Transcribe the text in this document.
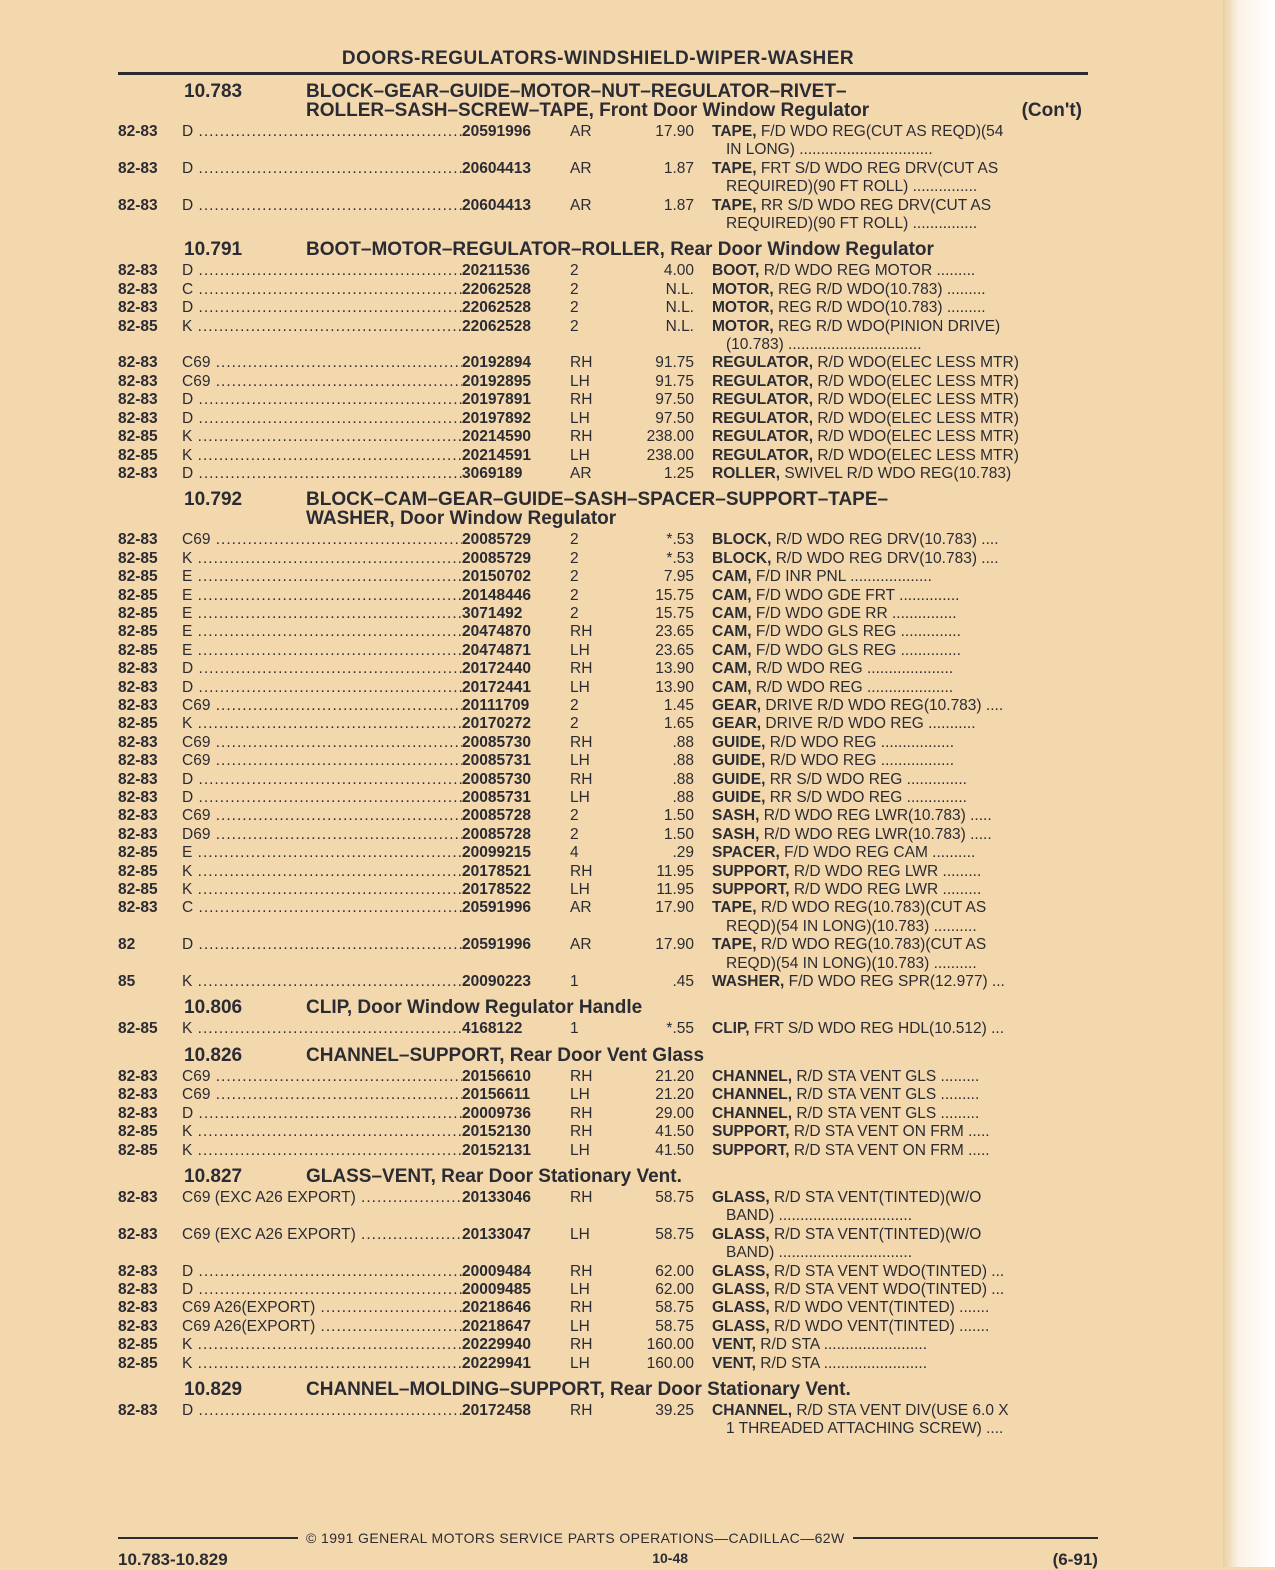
DOORS-REGULATORS-WINDSHIELD-WIPER-WASHER
10.783	BLOCK–GEAR–GUIDE–MOTOR–NUT–REGULATOR–RIVET–
(Con't)
ROLLER–SASH–SCREW–TAPE, Front Door Window Regulator
82-83	D .....	20591996	AR	17.90	TAPE, F/D WDO REG(CUT AS REQD)(54
IN LONG) ...............................
82-83	D .....	20604413	AR	1.87	TAPE, FRT S/D WDO REG DRV(CUT AS
REQUIRED)(90 FT ROLL) ...............
82-83	D .....	20604413	AR	1.87	TAPE, RR S/D WDO REG DRV(CUT AS
REQUIRED)(90 FT ROLL) ...............
10.791	BOOT–MOTOR–REGULATOR–ROLLER, Rear Door Window Regulator
82-83	D .....	20211536	2	4.00	BOOT, R/D WDO REG MOTOR .........
82-83	C .....	22062528	2	N.L.	MOTOR, REG R/D WDO(10.783) .........
82-83	D .....	22062528	2	N.L.	MOTOR, REG R/D WDO(10.783) .........
82-85	K .....	22062528	2	N.L.	MOTOR, REG R/D WDO(PINION DRIVE)
(10.783) ...............................
82-83	C69 .....	20192894	RH	91.75	REGULATOR, R/D WDO(ELEC LESS MTR)
82-83	C69 .....	20192895	LH	91.75	REGULATOR, R/D WDO(ELEC LESS MTR)
82-83	D .....	20197891	RH	97.50	REGULATOR, R/D WDO(ELEC LESS MTR)
82-83	D .....	20197892	LH	97.50	REGULATOR, R/D WDO(ELEC LESS MTR)
82-85	K .....	20214590	RH	238.00	REGULATOR, R/D WDO(ELEC LESS MTR)
82-85	K .....	20214591	LH	238.00	REGULATOR, R/D WDO(ELEC LESS MTR)
82-83	D .....	3069189	AR	1.25	ROLLER, SWIVEL R/D WDO REG(10.783)
10.792	BLOCK–CAM–GEAR–GUIDE–SASH–SPACER–SUPPORT–TAPE–
WASHER, Door Window Regulator
82-83	C69 .....	20085729	2	*.53	BLOCK, R/D WDO REG DRV(10.783) ....
82-85	K .....	20085729	2	*.53	BLOCK, R/D WDO REG DRV(10.783) ....
82-85	E .....	20150702	2	7.95	CAM, F/D INR PNL ...................
82-85	E .....	20148446	2	15.75	CAM, F/D WDO GDE FRT ..............
82-85	E .....	3071492	2	15.75	CAM, F/D WDO GDE RR ...............
82-85	E .....	20474870	RH	23.65	CAM, F/D WDO GLS REG ..............
82-85	E .....	20474871	LH	23.65	CAM, F/D WDO GLS REG ..............
82-83	D .....	20172440	RH	13.90	CAM, R/D WDO REG ....................
82-83	D .....	20172441	LH	13.90	CAM, R/D WDO REG ....................
82-83	C69 .....	20111709	2	1.45	GEAR, DRIVE R/D WDO REG(10.783) ....
82-85	K .....	20170272	2	1.65	GEAR, DRIVE R/D WDO REG ...........
82-83	C69 .....	20085730	RH	.88	GUIDE, R/D WDO REG .................
82-83	C69 .....	20085731	LH	.88	GUIDE, R/D WDO REG .................
82-83	D .....	20085730	RH	.88	GUIDE, RR S/D WDO REG ..............
82-83	D .....	20085731	LH	.88	GUIDE, RR S/D WDO REG ..............
82-83	C69 .....	20085728	2	1.50	SASH, R/D WDO REG LWR(10.783) .....
82-83	D69 .....	20085728	2	1.50	SASH, R/D WDO REG LWR(10.783) .....
82-85	E .....	20099215	4	.29	SPACER, F/D WDO REG CAM ..........
82-85	K .....	20178521	RH	11.95	SUPPORT, R/D WDO REG LWR .........
82-85	K .....	20178522	LH	11.95	SUPPORT, R/D WDO REG LWR .........
82-83	C .....	20591996	AR	17.90	TAPE, R/D WDO REG(10.783)(CUT AS
REQD)(54 IN LONG)(10.783) ..........
82	D .....	20591996	AR	17.90	TAPE, R/D WDO REG(10.783)(CUT AS
REQD)(54 IN LONG)(10.783) ..........
85	K .....	20090223	1	.45	WASHER, F/D WDO REG SPR(12.977) ...
10.806	CLIP, Door Window Regulator Handle
82-85	K .....	4168122	1	*.55	CLIP, FRT S/D WDO REG HDL(10.512) ...
10.826	CHANNEL–SUPPORT, Rear Door Vent Glass
82-83	C69 .....	20156610	RH	21.20	CHANNEL, R/D STA VENT GLS .........
82-83	C69 .....	20156611	LH	21.20	CHANNEL, R/D STA VENT GLS .........
82-83	D .....	20009736	RH	29.00	CHANNEL, R/D STA VENT GLS .........
82-85	K .....	20152130	RH	41.50	SUPPORT, R/D STA VENT ON FRM .....
82-85	K .....	20152131	LH	41.50	SUPPORT, R/D STA VENT ON FRM .....
10.827	GLASS–VENT, Rear Door Stationary Vent.
82-83	C69 (EXC A26 EXPORT) .....	20133046	RH	58.75	GLASS, R/D STA VENT(TINTED)(W/O
BAND) ...............................
82-83	C69 (EXC A26 EXPORT) .....	20133047	LH	58.75	GLASS, R/D STA VENT(TINTED)(W/O
BAND) ...............................
82-83	D .....	20009484	RH	62.00	GLASS, R/D STA VENT WDO(TINTED) ...
82-83	D .....	20009485	LH	62.00	GLASS, R/D STA VENT WDO(TINTED) ...
82-83	C69 A26(EXPORT) .....	20218646	RH	58.75	GLASS, R/D WDO VENT(TINTED) .......
82-83	C69 A26(EXPORT) .....	20218647	LH	58.75	GLASS, R/D WDO VENT(TINTED) .......
82-85	K .....	20229940	RH	160.00	VENT, R/D STA ........................
82-85	K .....	20229941	LH	160.00	VENT, R/D STA ........................
10.829	CHANNEL–MOLDING–SUPPORT, Rear Door Stationary Vent.
82-83	D .....	20172458	RH	39.25	CHANNEL, R/D STA VENT DIV(USE 6.0 X
1 THREADED ATTACHING SCREW) ....
© 1991 GENERAL MOTORS SERVICE PARTS OPERATIONS—CADILLAC—62W
10.783-10.829	10-48	(6-91)
